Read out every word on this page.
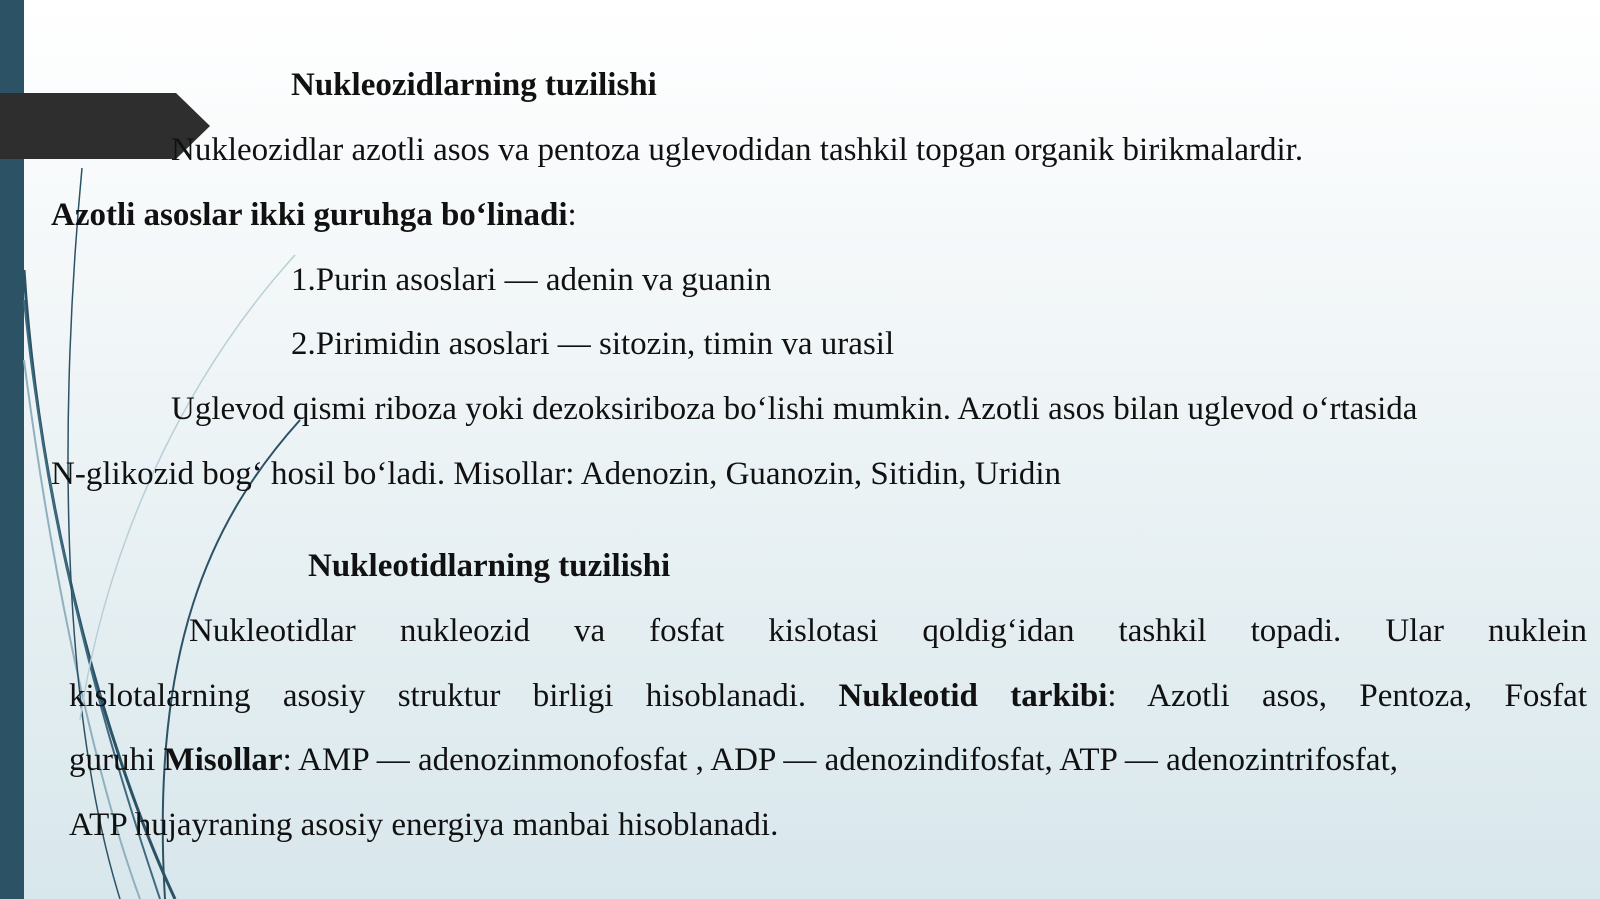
Nukleozidlarning tuzilishi
Nukleozidlar azotli asos va pentoza uglevodidan tashkil topgan organik birikmalardir.
Azotli asoslar ikki guruhga bo‘linadi:
1.Purin asoslari — adenin va guanin
2.Pirimidin asoslari — sitozin, timin va urasil
Uglevod qismi riboza yoki dezoksiriboza bo‘lishi mumkin. Azotli asos bilan uglevod o‘rtasida
N-glikozid bog‘ hosil bo‘ladi. Misollar: Adenozin, Guanozin, Sitidin, Uridin
Nukleotidlarning tuzilishi
Nukleotidlar nukleozid va fosfat kislotasi qoldig‘idan tashkil topadi. Ular nuklein
kislotalarning asosiy struktur birligi hisoblanadi. Nukleotid tarkibi: Azotli asos, Pentoza, Fosfat
guruhi Misollar: AMP — adenozinmonofosfat , ADP — adenozindifosfat, ATP — adenozintrifosfat,
ATP hujayraning asosiy energiya manbai hisoblanadi.
